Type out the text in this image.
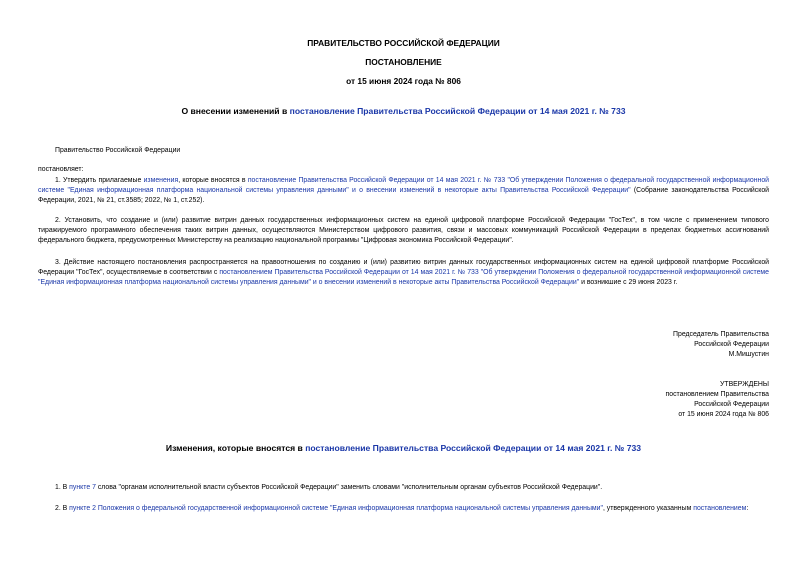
ПРАВИТЕЛЬСТВО РОССИЙСКОЙ ФЕДЕРАЦИИ
ПОСТАНОВЛЕНИЕ
от 15 июня 2024 года № 806
О внесении изменений в постановление Правительства Российской Федерации от 14 мая 2021 г. № 733
Правительство Российской Федерации
постановляет:
1. Утвердить прилагаемые изменения, которые вносятся в постановление Правительства Российской Федерации от 14 мая 2021 г. № 733 "Об утверждении Положения о федеральной государственной информационной системе "Единая информационная платформа национальной системы управления данными" и о внесении изменений в некоторые акты Правительства Российской Федерации" (Собрание законодательства Российской Федерации, 2021, № 21, ст.3585; 2022, № 1, ст.252).
2. Установить, что создание и (или) развитие витрин данных государственных информационных систем на единой цифровой платформе Российской Федерации "ГосТех", в том числе с применением типового тиражируемого программного обеспечения таких витрин данных, осуществляются Министерством цифрового развития, связи и массовых коммуникаций Российской Федерации в пределах бюджетных ассигнований федерального бюджета, предусмотренных Министерству на реализацию национальной программы "Цифровая экономика Российской Федерации".
3. Действие настоящего постановления распространяется на правоотношения по созданию и (или) развитию витрин данных государственных информационных систем на единой цифровой платформе Российской Федерации "ГосТех", осуществляемые в соответствии с постановлением Правительства Российской Федерации от 14 мая 2021 г. № 733 "Об утверждении Положения о федеральной государственной информационной системе "Единая информационная платформа национальной системы управления данными" и о внесении изменений в некоторые акты Правительства Российской Федерации" и возникшие с 29 июня 2023 г.
Председатель Правительства
Российской Федерации
М.Мишустин
УТВЕРЖДЕНЫ
постановлением Правительства
Российской Федерации
от 15 июня 2024 года № 806
Изменения, которые вносятся в постановление Правительства Российской Федерации от 14 мая 2021 г. № 733
1. В пункте 7 слова "органам исполнительной власти субъектов Российской Федерации" заменить словами "исполнительным органам субъектов Российской Федерации".
2. В пункте 2 Положения о федеральной государственной информационной системе "Единая информационная платформа национальной системы управления данными", утвержденного указанным постановлением:
